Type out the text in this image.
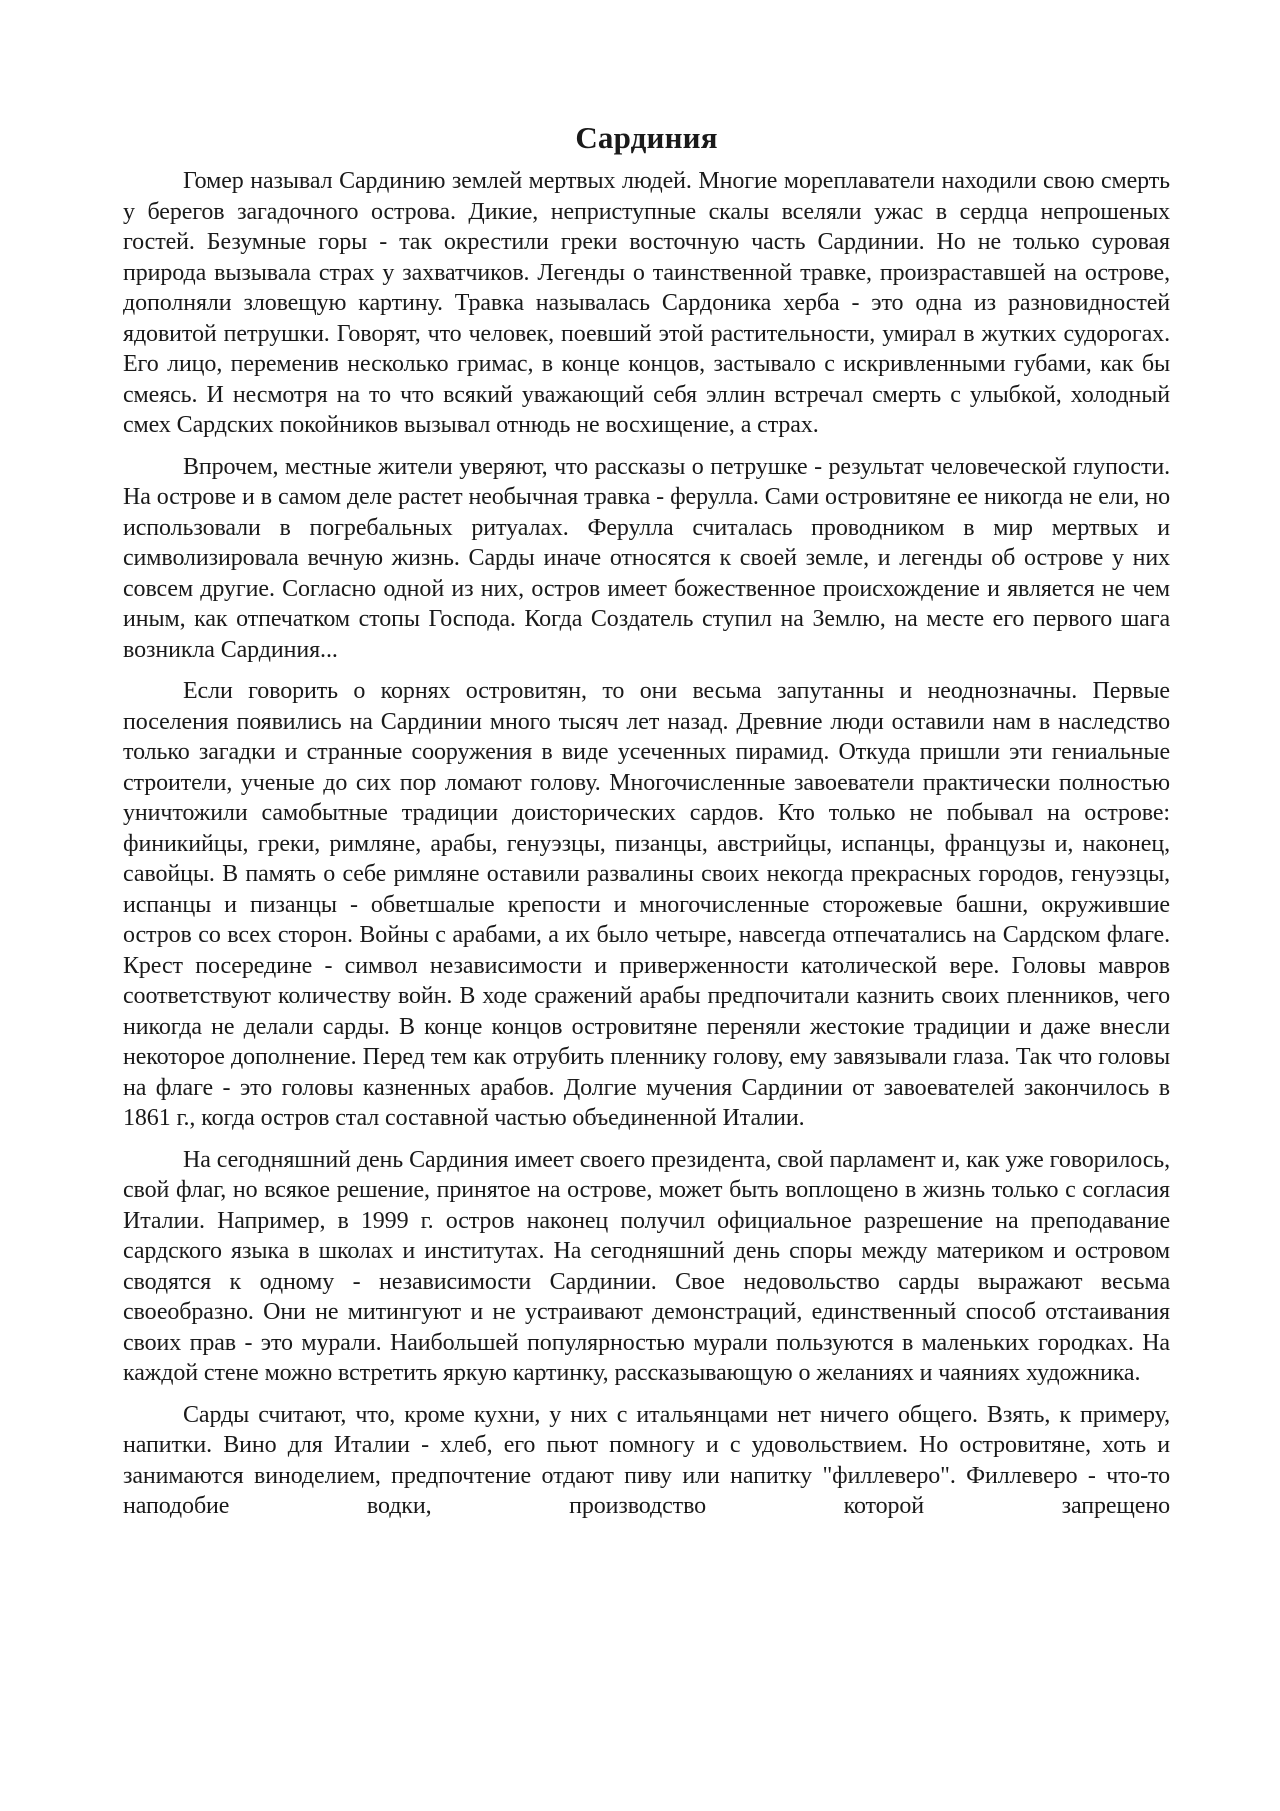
Сардиния

Гомер называл Сардинию землей мертвых людей. Многие мореплаватели находили свою смерть у берегов загадочного острова. Дикие, неприступные скалы вселяли ужас в сердца непрошеных гостей. Безумные горы - так окрестили греки восточную часть Сардинии. Но не только суровая природа вызывала страх у захватчиков. Легенды о таинственной травке, произраставшей на острове, дополняли зловещую картину. Травка называлась Сардоника херба - это одна из разновидностей ядовитой петрушки. Говорят, что человек, поевший этой растительности, умирал в жутких судорогах. Его лицо, переменив несколько гримас, в конце концов, застывало с искривленными губами, как бы смеясь. И несмотря на то что всякий уважающий себя эллин встречал смерть с улыбкой, холодный смех Сардских покойников вызывал отнюдь не восхищение, а страх.

Впрочем, местные жители уверяют, что рассказы о петрушке - результат человеческой глупости. На острове и в самом деле растет необычная травка - ферулла. Сами островитяне ее никогда не ели, но использовали в погребальных ритуалах. Ферулла считалась проводником в мир мертвых и символизировала вечную жизнь. Сарды иначе относятся к своей земле, и легенды об острове у них совсем другие. Согласно одной из них, остров имеет божественное происхождение и является не чем иным, как отпечатком стопы Господа. Когда Создатель ступил на Землю, на месте его первого шага возникла Сардиния...

Если говорить о корнях островитян, то они весьма запутанны и неоднозначны. Первые поселения появились на Сардинии много тысяч лет назад. Древние люди оставили нам в наследство только загадки и странные сооружения в виде усеченных пирамид. Откуда пришли эти гениальные строители, ученые до сих пор ломают голову. Многочисленные завоеватели практически полностью уничтожили самобытные традиции доисторических сардов. Кто только не побывал на острове: финикийцы, греки, римляне, арабы, генуэзцы, пизанцы, австрийцы, испанцы, французы и, наконец, савойцы. В память о себе римляне оставили развалины своих некогда прекрасных городов, генуэзцы, испанцы и пизанцы - обветшалые крепости и многочисленные сторожевые башни, окружившие остров со всех сторон. Войны с арабами, а их было четыре, навсегда отпечатались на Сардском флаге. Крест посередине - символ независимости и приверженности католической вере. Головы мавров соответствуют количеству войн. В ходе сражений арабы предпочитали казнить своих пленников, чего никогда не делали сарды. В конце концов островитяне переняли жестокие традиции и даже внесли некоторое дополнение. Перед тем как отрубить пленнику голову, ему завязывали глаза. Так что головы на флаге - это головы казненных арабов. Долгие мучения Сардинии от завоевателей закончилось в 1861 г., когда остров стал составной частью объединенной Италии.

На сегодняшний день Сардиния имеет своего президента, свой парламент и, как уже говорилось, свой флаг, но всякое решение, принятое на острове, может быть воплощено в жизнь только с согласия Италии. Например, в 1999 г. остров наконец получил официальное разрешение на преподавание сардского языка в школах и институтах. На сегодняшний день споры между материком и островом сводятся к одному - независимости Сардинии. Свое недовольство сарды выражают весьма своеобразно. Они не митингуют и не устраивают демонстраций, единственный способ отстаивания своих прав - это мурали. Наибольшей популярностью мурали пользуются в маленьких городках. На каждой стене можно встретить яркую картинку, рассказывающую о желаниях и чаяниях художника.

Сарды считают, что, кроме кухни, у них с итальянцами нет ничего общего. Взять, к примеру, напитки. Вино для Италии - хлеб, его пьют помногу и с удовольствием. Но островитяне, хоть и занимаются виноделием, предпочтение отдают пиву или напитку "филлеверо". Филлеверо - что-то наподобие водки, производство которой запрещено
